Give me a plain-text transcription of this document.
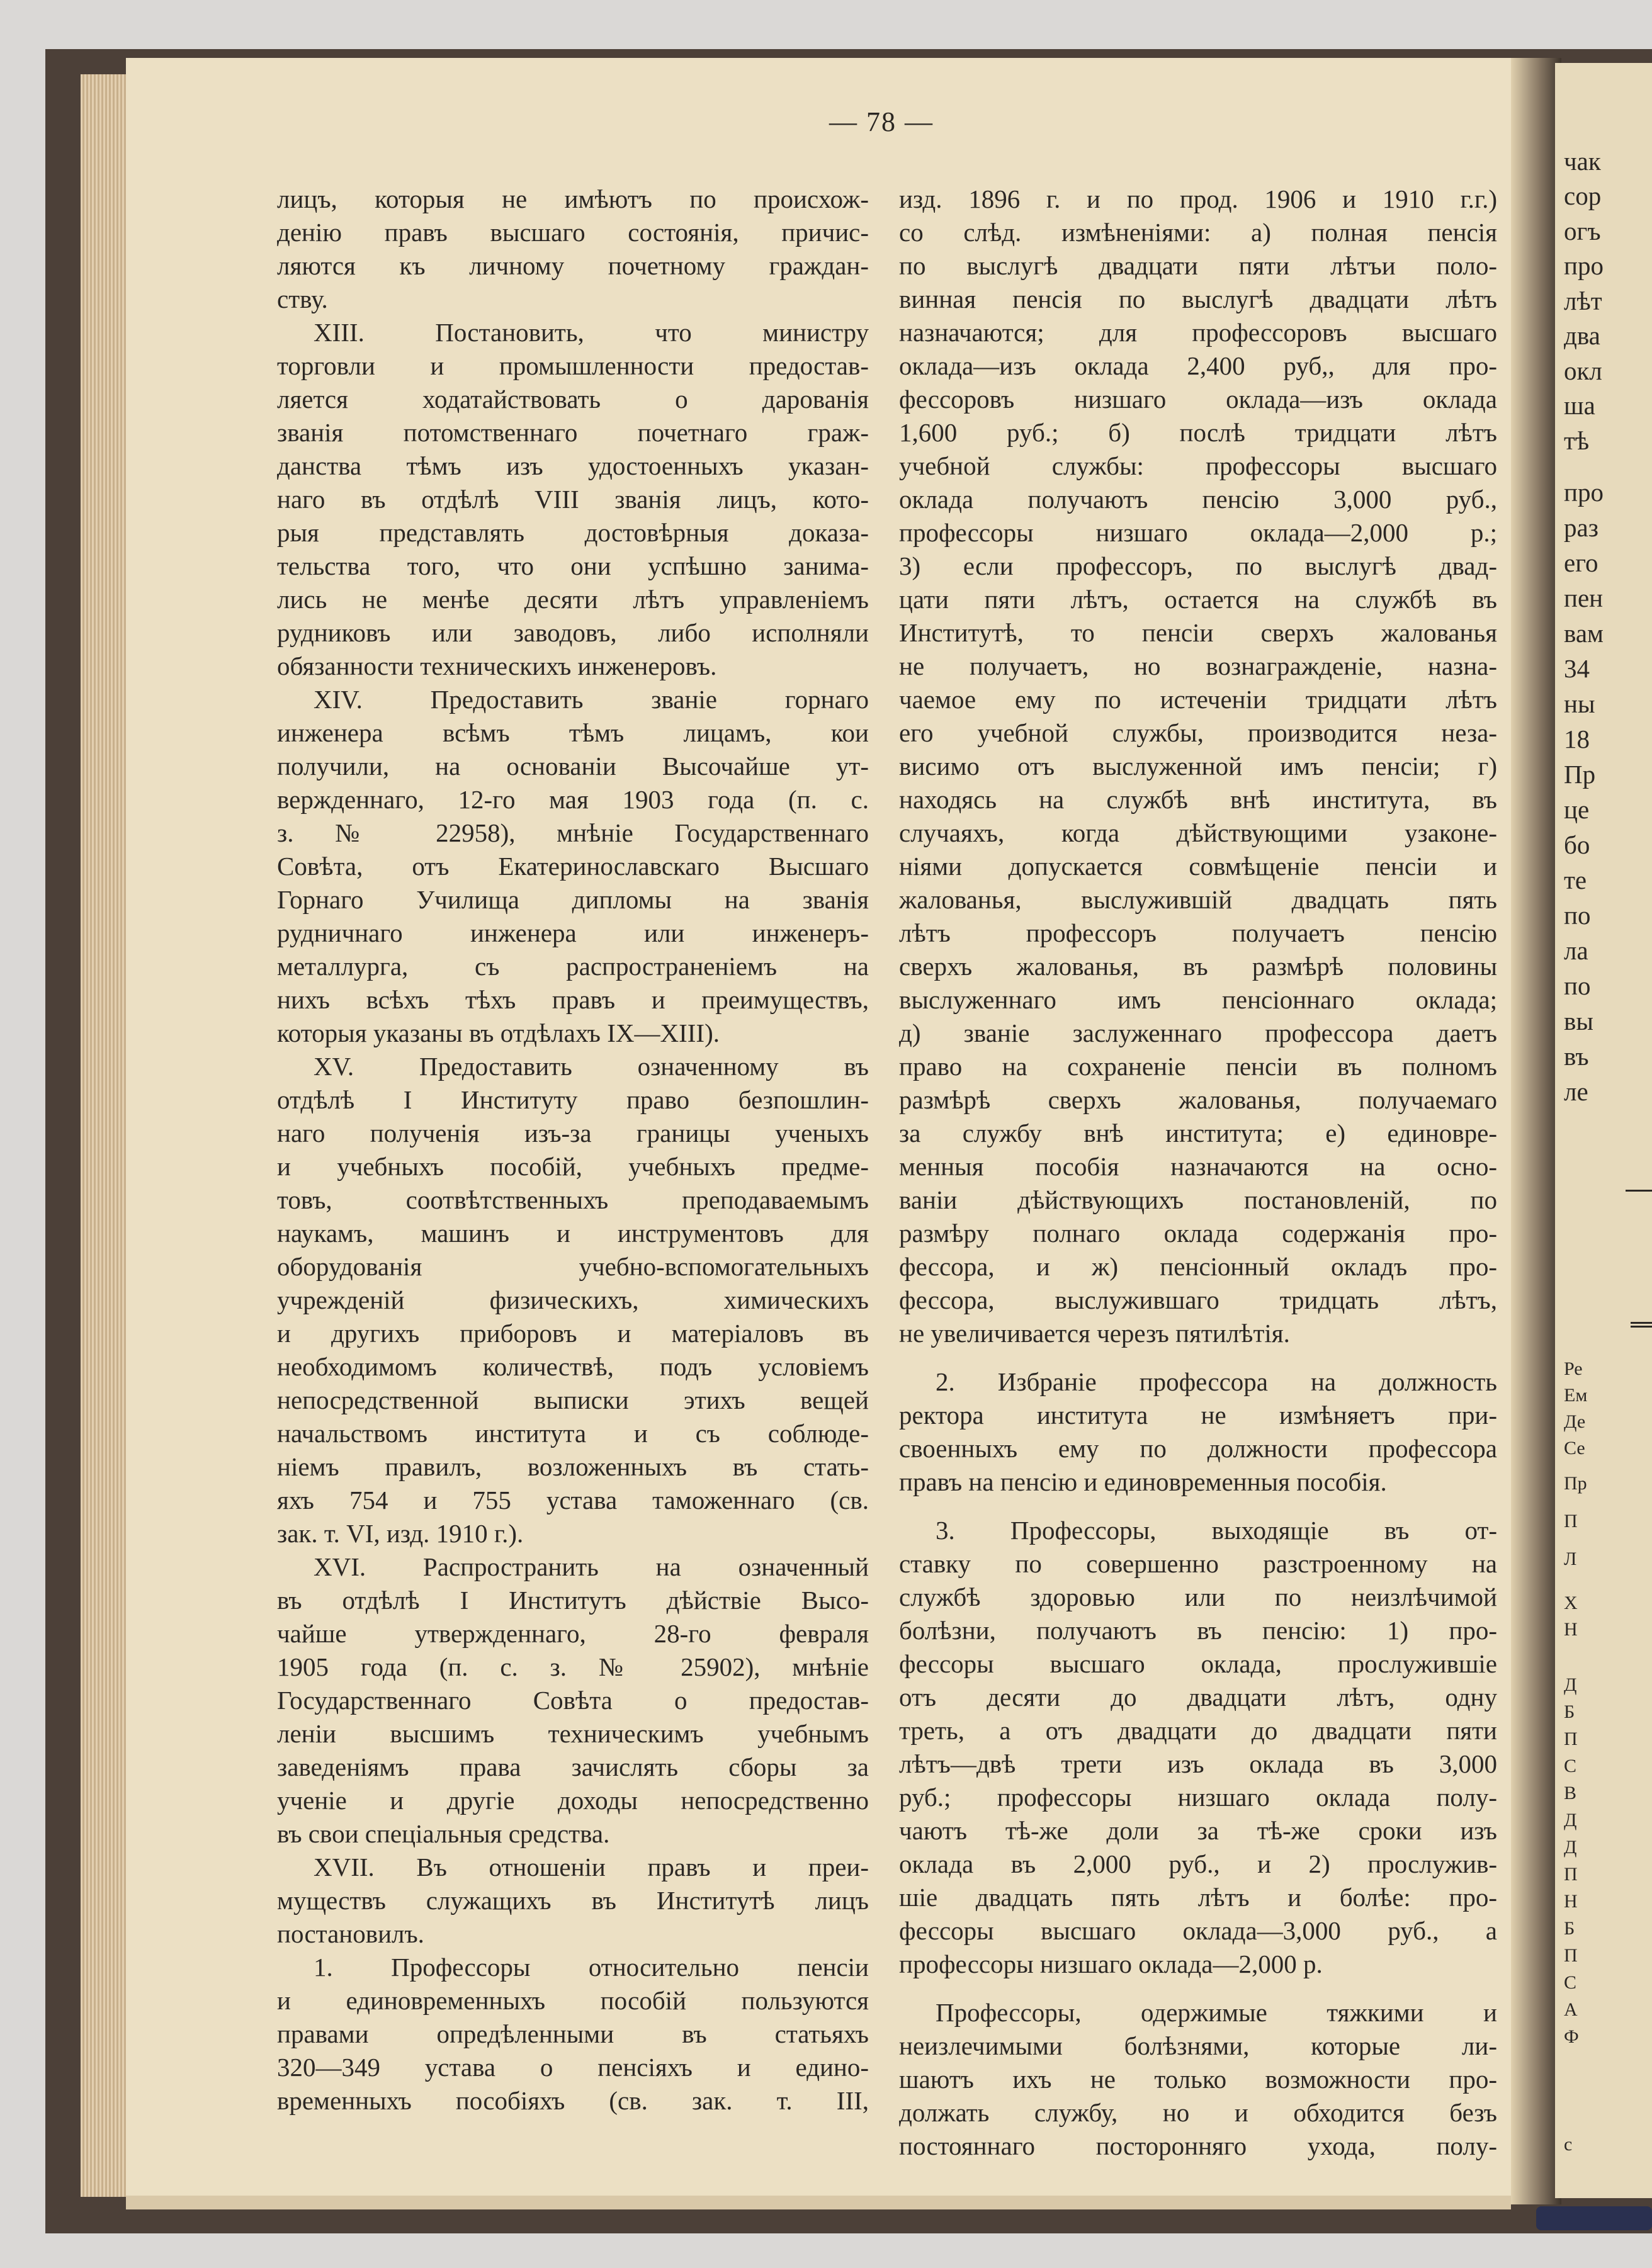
чак
сор
огъ
про
лѣт
два
окл
ша
тѣ
про
раз
его
пен
вам
34
ны
18
Пр
це
бо
те
по
ла
по
вы
въ
ле
Ре
Ем
Де
Се
Пр
П
Л
Х
Н
Д
Б
П
С
В
Д
Д
П
Н
Б
П
С
А
Ф
с
— 78 —

лицъ, которыя не имѣютъ по происхож-

денію правъ высшаго состоянія, причис-

ляются къ личному почетному граждан-

ству.

XIII. Постановить, что министру

торговли и промышленности предостав-

ляется ходатайствовать о дарованія

званія потомственнаго почетнаго граж-

данства тѣмъ изъ удостоенныхъ указан-

наго въ отдѣлѣ VIII званія лицъ, кото-

рыя представлять достовѣрныя доказа-

тельства того, что они успѣшно занима-

лись не менѣе десяти лѣтъ управленіемъ

рудниковъ или заводовъ, либо исполняли

обязанности техническихъ инженеровъ.

XIV. Предоставить званіе горнаго

инженера всѣмъ тѣмъ лицамъ, кои

получили, на основаніи Высочайше ут-

вержденнаго, 12-го мая 1903 года (п. с.

з. № 22958), мнѣніе Государственнаго

Совѣта, отъ Екатеринославскаго Высшаго

Горнаго Училища дипломы на званія

рудничнаго инженера или инженеръ-

металлурга, съ распространеніемъ на

нихъ всѣхъ тѣхъ правъ и преимуществъ,

которыя указаны въ отдѣлахъ IX—XIII).

XV. Предоставить означенному въ

отдѣлѣ I Институту право безпошлин-

наго полученія изъ-за границы ученыхъ

и учебныхъ пособій, учебныхъ предме-

товъ, соотвѣтственныхъ преподаваемымъ

наукамъ, машинъ и инструментовъ для

оборудованія учебно-вспомогательныхъ

учрежденій физическихъ, химическихъ

и другихъ приборовъ и матеріаловъ въ

необходимомъ количествѣ, подъ условіемъ

непосредственной выписки этихъ вещей

начальствомъ института и съ соблюде-

ніемъ правилъ, возложенныхъ въ стать-

яхъ 754 и 755 устава таможеннаго (св.

зак. т. VI, изд. 1910 г.).

XVI. Распространить на означенный

въ отдѣлѣ I Институтъ дѣйствіе Высо-

чайше утвержденнаго, 28-го февраля

1905 года (п. с. з. № 25902), мнѣніе

Государственнаго Совѣта о предостав-

леніи высшимъ техническимъ учебнымъ

заведеніямъ права зачислять сборы за

ученіе и другіе доходы непосредственно

въ свои спеціальныя средства.

XVII. Въ отношеніи правъ и преи-

муществъ служащихъ въ Институтѣ лицъ

постановилъ.

1. Профессоры относительно пенсіи

и единовременныхъ пособій пользуются

правами опредѣленными въ статьяхъ

320—349 устава о пенсіяхъ и едино-

временныхъ пособіяхъ (св. зак. т. III,

изд. 1896 г. и по прод. 1906 и 1910 г.г.)

со слѣд. измѣненіями: а) полная пенсія

по выслугѣ двадцати пяти лѣтъи поло-

винная пенсія по выслугѣ двадцати лѣтъ

назначаются; для профессоровъ высшаго

оклада—изъ оклада 2,400 руб,, для про-

фессоровъ низшаго оклада—изъ оклада

1,600 руб.; б) послѣ тридцати лѣтъ

учебной службы: профессоры высшаго

оклада получаютъ пенсію 3,000 руб.,

профессоры низшаго оклада—2,000 р.;

3) если профессоръ, по выслугѣ двад-

цати пяти лѣтъ, остается на службѣ въ

Институтѣ, то пенсіи сверхъ жалованья

не получаетъ, но вознагражденіе, назна-

чаемое ему по истеченіи тридцати лѣтъ

его учебной службы, производится неза-

висимо отъ выслуженной имъ пенсіи; г)

находясь на службѣ внѣ института, въ

случаяхъ, когда дѣйствующими узаконе-

ніями допускается совмѣщеніе пенсіи и

жалованья, выслужившій двадцать пять

лѣтъ профессоръ получаетъ пенсію

сверхъ жалованья, въ размѣрѣ половины

выслуженнаго имъ пенсіоннаго оклада;

д) званіе заслуженнаго профессора даетъ

право на сохраненіе пенсіи въ полномъ

размѣрѣ сверхъ жалованья, получаемаго

за службу внѣ института; е) единовре-

менныя пособія назначаются на осно-

ваніи дѣйствующихъ постановленій, по

размѣру полнаго оклада содержанія про-

фессора, и ж) пенсіонный окладъ про-

фессора, выслужившаго тридцать лѣтъ,

не увеличивается черезъ пятилѣтія.

2. Избраніе профессора на должность

ректора института не измѣняетъ при-

своенныхъ ему по должности профессора

правъ на пенсію и единовременныя пособія.

3. Профессоры, выходящіе въ от-

ставку по совершенно разстроенному на

службѣ здоровью или по неизлѣчимой

болѣзни, получаютъ въ пенсію: 1) про-

фессоры высшаго оклада, прослужившіе

отъ десяти до двадцати лѣтъ, одну

треть, а отъ двадцати до двадцати пяти

лѣтъ—двѣ трети изъ оклада въ 3,000

руб.; профессоры низшаго оклада полу-

чаютъ тѣ-же доли за тѣ-же сроки изъ

оклада въ 2,000 руб., и 2) прослужив-

шіе двадцать пять лѣтъ и болѣе: про-

фессоры высшаго оклада—3,000 руб., а

профессоры низшаго оклада—2,000 р.

Профессоры, одержимые тяжкими и

неизлечимыми болѣзнями, которые ли-

шаютъ ихъ не только возможности про-

должать службу, но и обходится безъ

постояннаго посторонняго ухода, полу-
